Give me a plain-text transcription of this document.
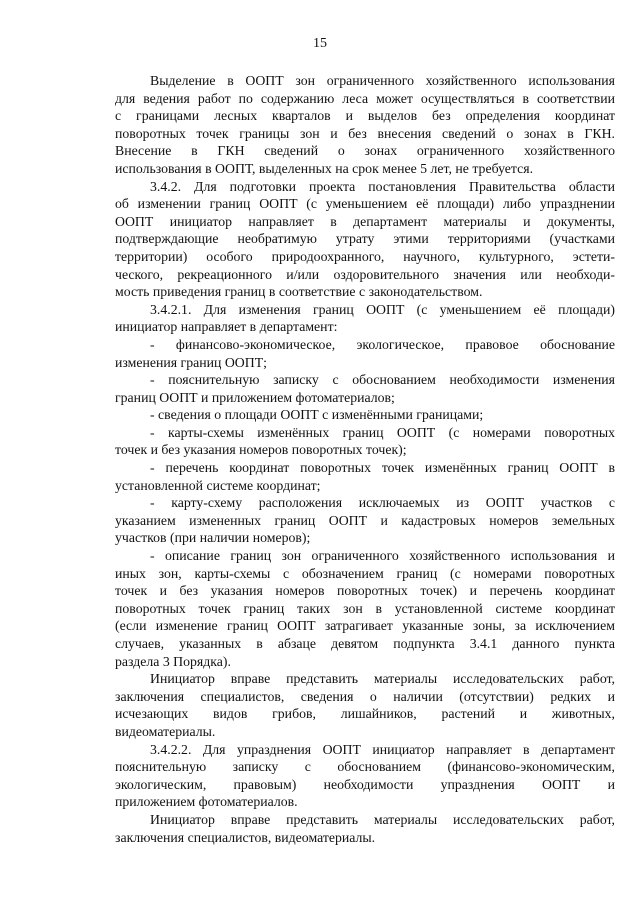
15
Выделение в ООПТ зон ограниченного хозяйственного использования
для ведения работ по содержанию леса может осуществляться в соответствии
с границами лесных кварталов и выделов без определения координат
поворотных точек границы зон и без внесения сведений о зонах в ГКН.
Внесение в ГКН сведений о зонах ограниченного хозяйственного
использования в ООПТ, выделенных на срок менее 5 лет, не требуется.
3.4.2. Для подготовки проекта постановления Правительства области
об изменении границ ООПТ (с уменьшением её площади) либо упразднении
ООПТ инициатор направляет в департамент материалы и документы,
подтверждающие необратимую утрату этими территориями (участками
территории) особого природоохранного, научного, культурного, эстети-
ческого, рекреационного и/или оздоровительного значения или необходи-
мость приведения границ в соответствие с законодательством.
3.4.2.1. Для изменения границ ООПТ (с уменьшением её площади)
инициатор направляет в департамент:
- финансово-экономическое, экологическое, правовое обоснование
изменения границ ООПТ;
- пояснительную записку с обоснованием необходимости изменения
границ ООПТ и приложением фотоматериалов;
- сведения о площади ООПТ с изменёнными границами;
- карты-схемы изменённых границ ООПТ (с номерами поворотных
точек и без указания номеров поворотных точек);
- перечень координат поворотных точек изменённых границ ООПТ в
установленной системе координат;
- карту-схему расположения исключаемых из ООПТ участков с
указанием измененных границ ООПТ и кадастровых номеров земельных
участков (при наличии номеров);
- описание границ зон ограниченного хозяйственного использования и
иных зон, карты-схемы с обозначением границ (с номерами поворотных
точек и без указания номеров поворотных точек) и перечень координат
поворотных точек границ таких зон в установленной системе координат
(если изменение границ ООПТ затрагивает указанные зоны, за исключением
случаев, указанных в абзаце девятом подпункта 3.4.1 данного пункта
раздела 3 Порядка).
Инициатор вправе представить материалы исследовательских работ,
заключения специалистов, сведения о наличии (отсутствии) редких и
исчезающих видов грибов, лишайников, растений и животных,
видеоматериалы.
3.4.2.2. Для упразднения ООПТ инициатор направляет в департамент
пояснительную записку с обоснованием (финансово-экономическим,
экологическим, правовым) необходимости упразднения ООПТ и
приложением фотоматериалов.
Инициатор вправе представить материалы исследовательских работ,
заключения специалистов, видеоматериалы.
